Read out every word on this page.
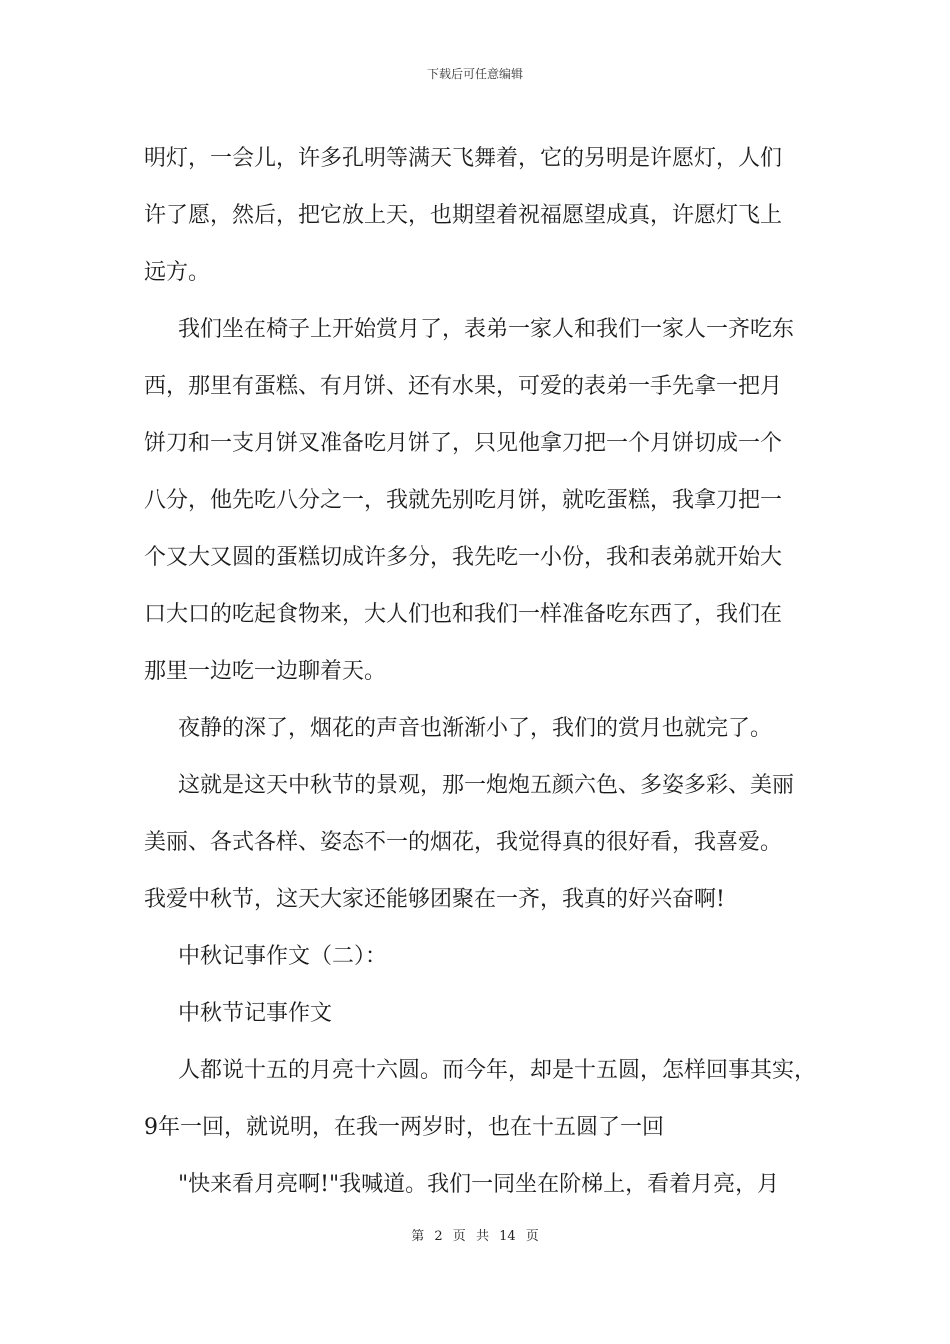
下载后可任意编辑
明灯，一会儿，许多孔明等满天飞舞着，它的另明是许愿灯，人们
许了愿，然后，把它放上天，也期望着祝福愿望成真，许愿灯飞上
远方。
我们坐在椅子上开始赏月了，表弟一家人和我们一家人一齐吃东
西，那里有蛋糕、有月饼、还有水果，可爱的表弟一手先拿一把月
饼刀和一支月饼叉准备吃月饼了，只见他拿刀把一个月饼切成一个
八分，他先吃八分之一，我就先别吃月饼，就吃蛋糕，我拿刀把一
个又大又圆的蛋糕切成许多分，我先吃一小份，我和表弟就开始大
口大口的吃起食物来，大人们也和我们一样准备吃东西了，我们在
那里一边吃一边聊着天。
夜静的深了，烟花的声音也渐渐小了，我们的赏月也就完了。
这就是这天中秋节的景观，那一炮炮五颜六色、多姿多彩、美丽
美丽、各式各样、姿态不一的烟花，我觉得真的很好看，我喜爱。
我爱中秋节，这天大家还能够团聚在一齐，我真的好兴奋啊!
中秋记事作文（二）：
中秋节记事作文
人都说十五的月亮十六圆。而今年，却是十五圆，怎样回事其实，
9年一回，就说明，在我一两岁时，也在十五圆了一回
"快来看月亮啊!"我喊道。我们一同坐在阶梯上，看着月亮，月
第 2 页 共 14 页
